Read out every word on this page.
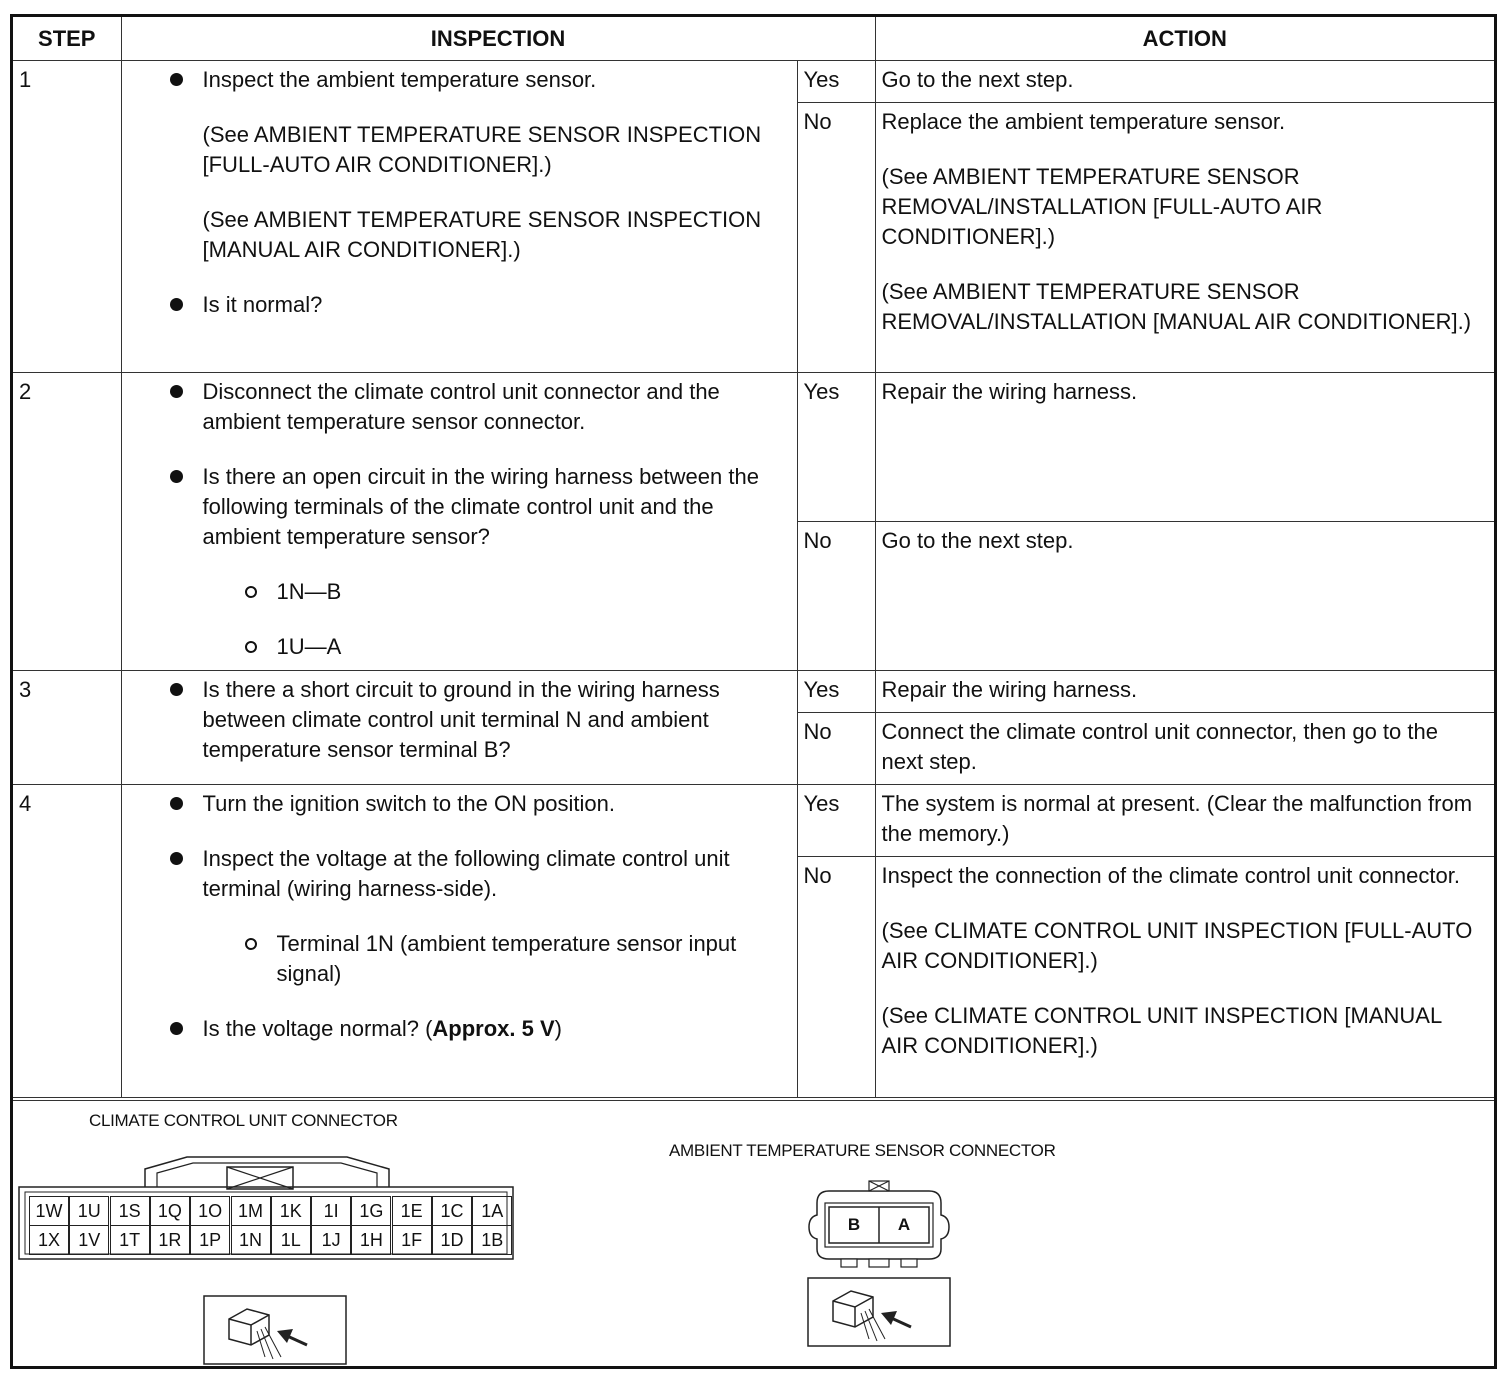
STEP	INSPECTION		ACTION
1	Inspect the ambient temperature sensor.
(See AMBIENT TEMPERATURE SENSOR INSPECTION [FULL-AUTO AIR CONDITIONER].)
(See AMBIENT TEMPERATURE SENSOR INSPECTION [MANUAL AIR CONDITIONER].)
Is it normal?	Yes	Go to the next step.
		No	Replace the ambient temperature sensor.
(See AMBIENT TEMPERATURE SENSOR REMOVAL/INSTALLATION [FULL-AUTO AIR CONDITIONER].)
(See AMBIENT TEMPERATURE SENSOR REMOVAL/INSTALLATION [MANUAL AIR CONDITIONER].)

2	Disconnect the climate control unit connector and the ambient temperature sensor connector.
Is there an open circuit in the wiring harness between the following terminals of the climate control unit and the ambient temperature sensor?
1N—B
1U—A	Yes	Repair the wiring harness.
		No	Go to the next step.
3	Is there a short circuit to ground in the wiring harness between climate control unit terminal N and ambient temperature sensor terminal B?	Yes	Repair the wiring harness.
		No	Connect the climate control unit connector, then go to the next step.
4	Turn the ignition switch to the ON position.
Inspect the voltage at the following climate control unit terminal (wiring harness-side).
Terminal 1N (ambient temperature sensor input signal)
Is the voltage normal? (Approx. 5 V)	Yes	The system is normal at present. (Clear the malfunction from the memory.)
		No	Inspect the connection of the climate control unit connector.
(See CLIMATE CONTROL UNIT INSPECTION [FULL-AUTO AIR CONDITIONER].)
(See CLIMATE CONTROL UNIT INSPECTION [MANUAL AIR CONDITIONER].)
CLIMATE CONTROL UNIT CONNECTOR
1W 1U 1S 1Q 1O 1M 1K	1I	1G 1E 1C 1A
1X	1V	1T	1R 1P 1N	1L	1J	1H	1F	1D 1B
AMBIENT TEMPERATURE SENSOR CONNECTOR
B	A
